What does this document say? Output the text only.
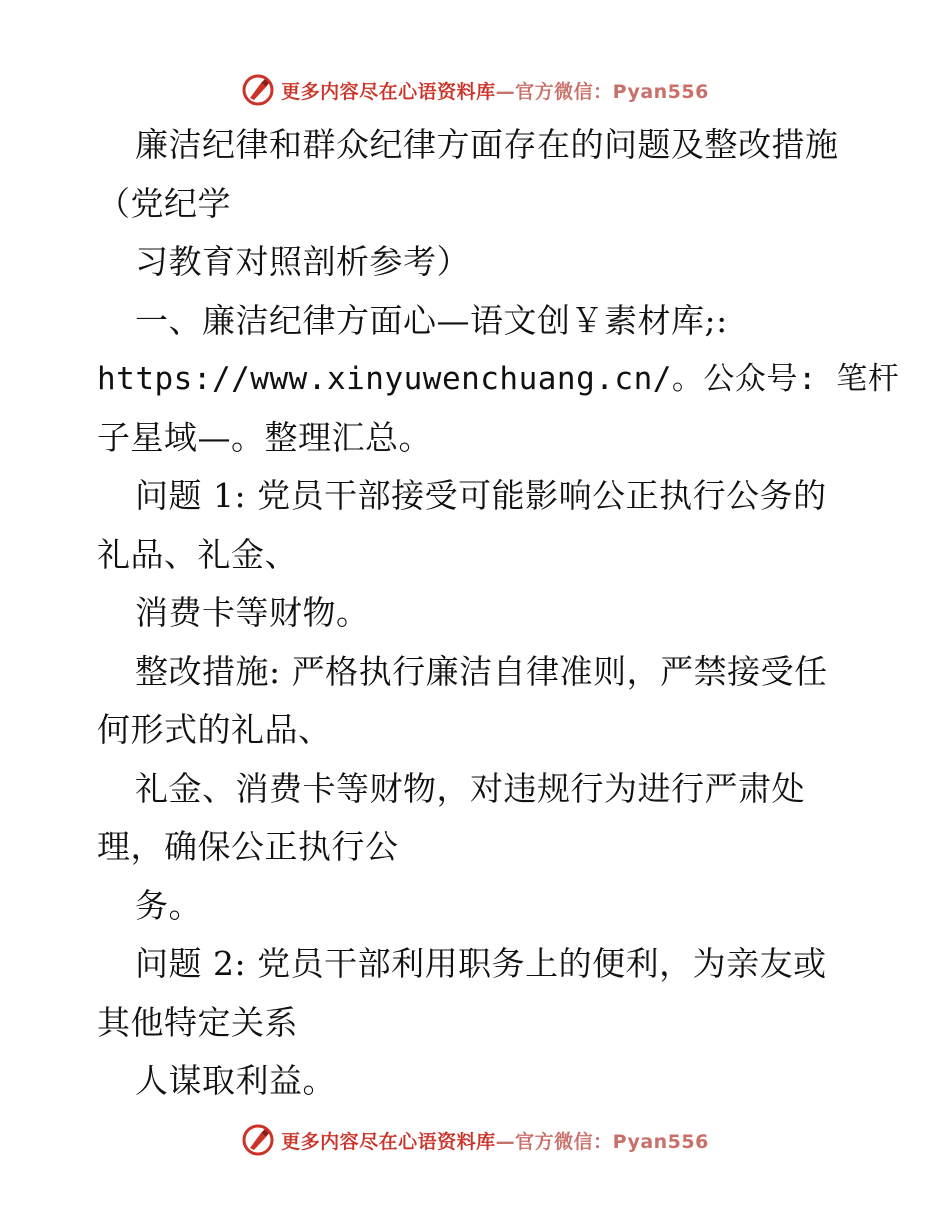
更多内容尽在心语资料库 —官方微信：Pyan556
廉洁纪律和群众纪律方面存在的问题及整改措施
（党纪学
习教育对照剖析参考）
一、廉洁纪律方面心—语文创￥素材库;:
https://www.xinyuwenchuang.cn/。公众号: 笔杆
子星域—。整理汇总。
问题 1: 党员干部接受可能影响公正执行公务的
礼品、礼金、
消费卡等财物。
整改措施: 严格执行廉洁自律准则，严禁接受任
何形式的礼品、
礼金、消费卡等财物，对违规行为进行严肃处
理，确保公正执行公
务。
问题 2: 党员干部利用职务上的便利，为亲友或
其他特定关系
人谋取利益。
更多内容尽在心语资料库 —官方微信：Pyan556
